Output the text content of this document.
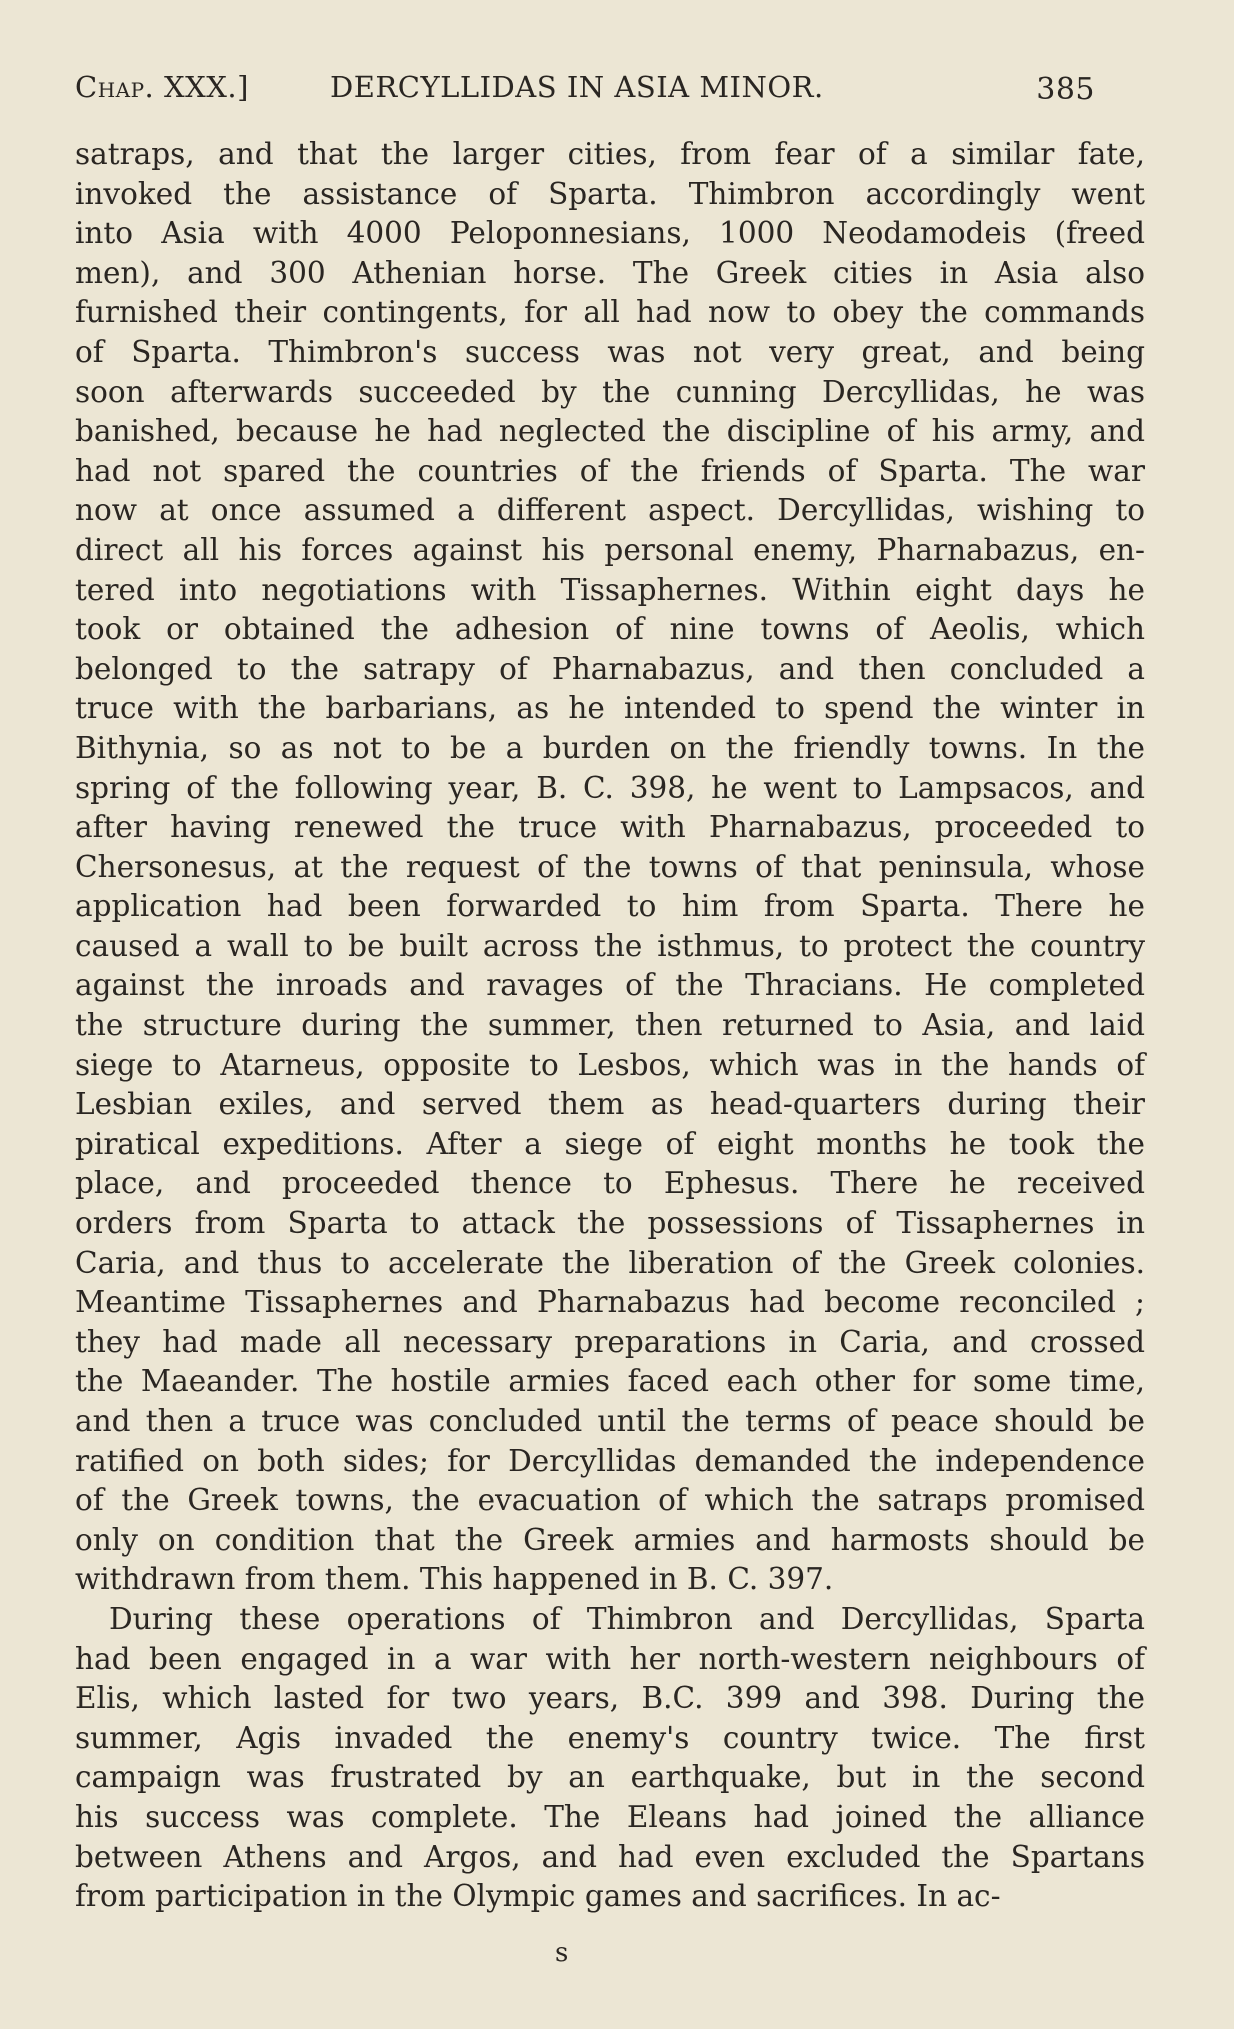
Chap. XXX.]	DERCYLLIDAS IN ASIA MINOR.	385
satraps, and that the larger cities, from fear of a similar fate,
invoked the assistance of Sparta. Thimbron accordingly went
into Asia with 4000 Peloponnesians, 1000 Neodamodeis (freed
men), and 300 Athenian horse. The Greek cities in Asia also
furnished their contingents, for all had now to obey the commands
of Sparta. Thimbron's success was not very great, and being
soon afterwards succeeded by the cunning Dercyllidas, he was
banished, because he had neglected the discipline of his army, and
had not spared the countries of the friends of Sparta. The war
now at once assumed a different aspect. Dercyllidas, wishing to
direct all his forces against his personal enemy, Pharnabazus, en-
tered into negotiations with Tissaphernes. Within eight days he
took or obtained the adhesion of nine towns of Aeolis, which
belonged to the satrapy of Pharnabazus, and then concluded a
truce with the barbarians, as he intended to spend the winter in
Bithynia, so as not to be a burden on the friendly towns. In the
spring of the following year, B. C. 398, he went to Lampsacos, and
after having renewed the truce with Pharnabazus, proceeded to
Chersonesus, at the request of the towns of that peninsula, whose
application had been forwarded to him from Sparta. There he
caused a wall to be built across the isthmus, to protect the country
against the inroads and ravages of the Thracians. He completed
the structure during the summer, then returned to Asia, and laid
siege to Atarneus, opposite to Lesbos, which was in the hands of
Lesbian exiles, and served them as head-quarters during their
piratical expeditions. After a siege of eight months he took the
place, and proceeded thence to Ephesus. There he received
orders from Sparta to attack the possessions of Tissaphernes in
Caria, and thus to accelerate the liberation of the Greek colonies.
Meantime Tissaphernes and Pharnabazus had become reconciled ;
they had made all necessary preparations in Caria, and crossed
the Maeander. The hostile armies faced each other for some time,
and then a truce was concluded until the terms of peace should be
ratified on both sides; for Dercyllidas demanded the independence
of the Greek towns, the evacuation of which the satraps promised
only on condition that the Greek armies and harmosts should be
withdrawn from them. This happened in B. C. 397.
During these operations of Thimbron and Dercyllidas, Sparta
had been engaged in a war with her north-western neighbours of
Elis, which lasted for two years, B.C. 399 and 398. During the
summer, Agis invaded the enemy's country twice. The first
campaign was frustrated by an earthquake, but in the second
his success was complete. The Eleans had joined the alliance
between Athens and Argos, and had even excluded the Spartans
from participation in the Olympic games and sacrifices. In ac-
s
